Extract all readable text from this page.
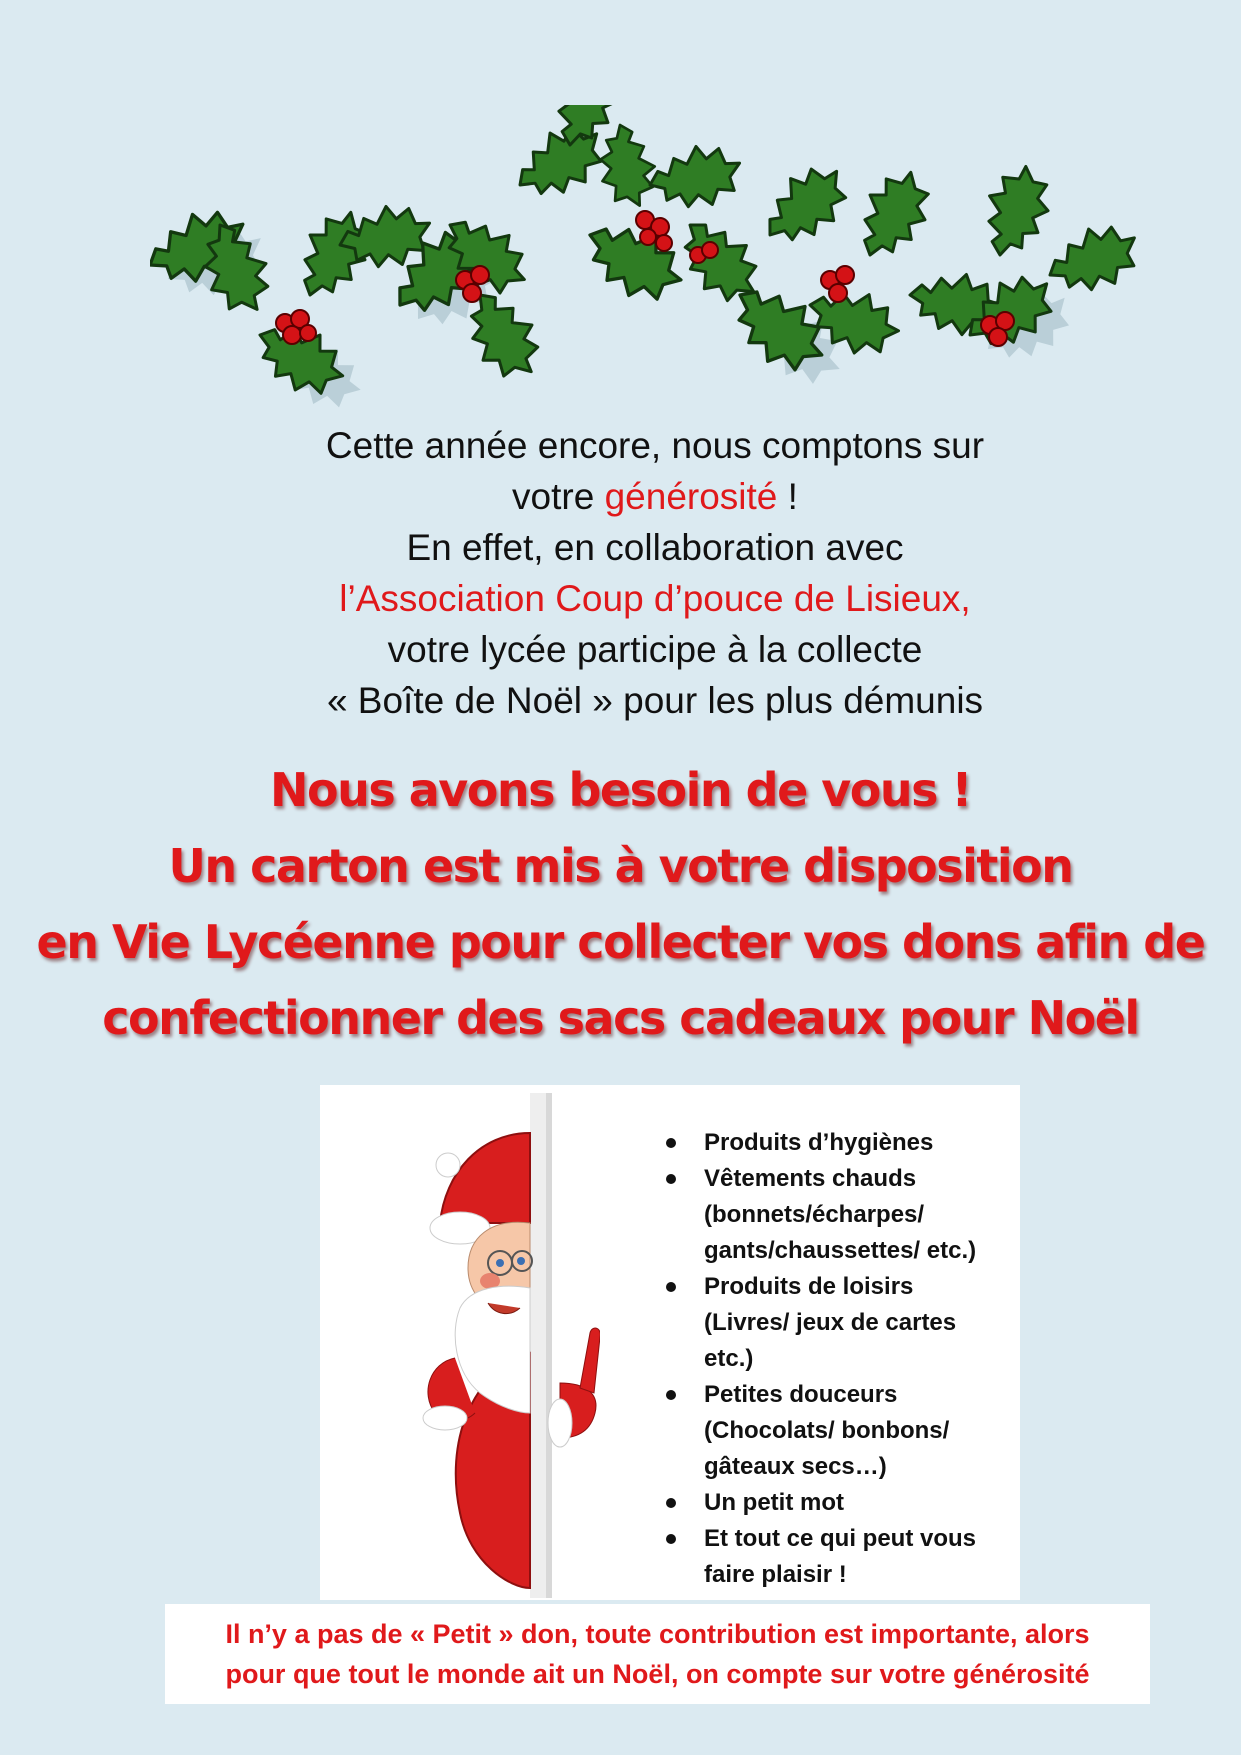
Cette année encore, nous comptons sur
votre générosité !
En effet, en collaboration avec
l’Association Coup d’pouce de Lisieux,
votre lycée participe à la collecte
« Boîte de Noël » pour les plus démunis
Nous avons besoin de vous !
Un carton est mis à votre disposition
en Vie Lycéenne pour collecter vos dons afin de
confectionner des sacs cadeaux pour Noël
Produits d’hygiènes
Vêtements chauds
(bonnets/écharpes/
gants/chaussettes/ etc.)
Produits de loisirs
(Livres/ jeux de cartes
etc.)
Petites douceurs
(Chocolats/ bonbons/
gâteaux secs…)
Un petit mot
Et tout ce qui peut vous
faire plaisir !
Il n’y a pas de « Petit » don, toute contribution est importante, alors
pour que tout le monde ait un Noël, on compte sur votre générosité
